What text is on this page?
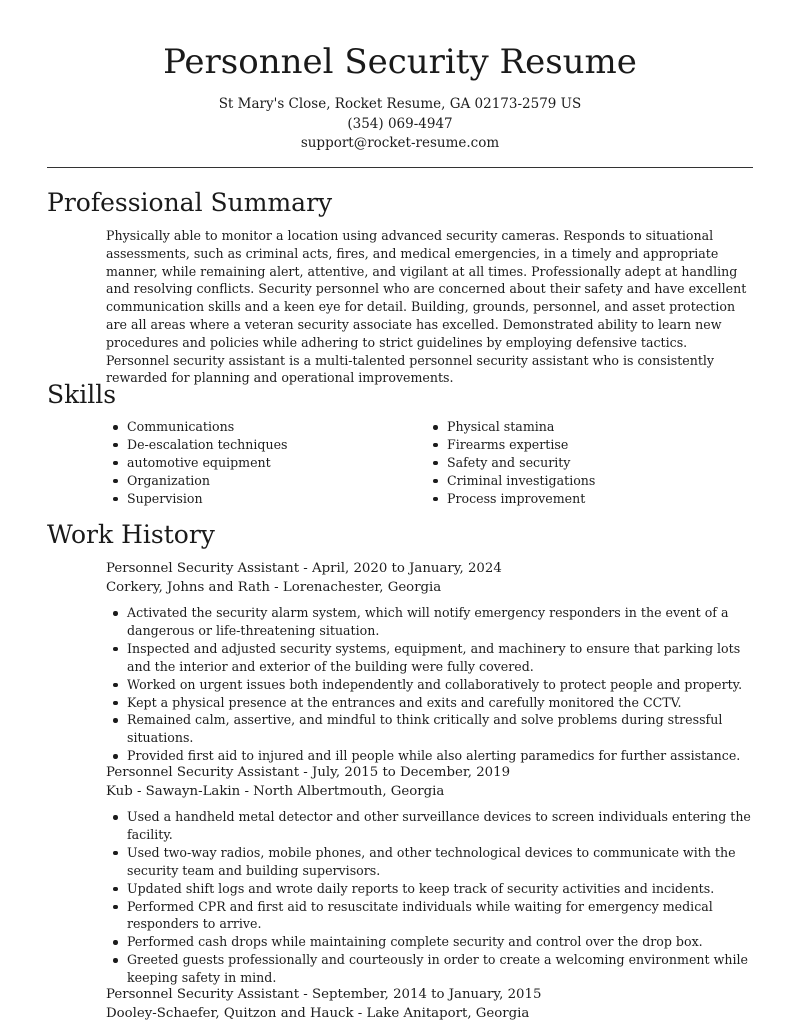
Personnel Security Resume
St Mary's Close, Rocket Resume, GA 02173-2579 US
(354) 069-4947
support@rocket-resume.com
Professional Summary

Physically able to monitor a location using advanced security cameras. Responds to situational assessments, such as criminal acts, fires, and medical emergencies, in a timely and appropriate manner, while remaining alert, attentive, and vigilant at all times. Professionally adept at handling and resolving conflicts. Security personnel who are concerned about their safety and have excellent communication skills and a keen eye for detail. Building, grounds, personnel, and asset protection are all areas where a veteran security associate has excelled. Demonstrated ability to learn new procedures and policies while adhering to strict guidelines by employing defensive tactics. Personnel security assistant is a multi-talented personnel security assistant who is consistently rewarded for planning and operational improvements.

Skills
Communications
De-escalation techniques
automotive equipment
Organization
Supervision
Physical stamina
Firearms expertise
Safety and security
Criminal investigations
Process improvement
Work History
Personnel Security Assistant - April, 2020 to January, 2024
Corkery, Johns and Rath - Lorenachester, Georgia
Activated the security alarm system, which will notify emergency responders in the event of a dangerous or life-threatening situation.
Inspected and adjusted security systems, equipment, and machinery to ensure that parking lots and the interior and exterior of the building were fully covered.
Worked on urgent issues both independently and collaboratively to protect people and property.
Kept a physical presence at the entrances and exits and carefully monitored the CCTV.
Remained calm, assertive, and mindful to think critically and solve problems during stressful situations.
Provided first aid to injured and ill people while also alerting paramedics for further assistance.
Personnel Security Assistant - July, 2015 to December, 2019
Kub - Sawayn-Lakin - North Albertmouth, Georgia
Used a handheld metal detector and other surveillance devices to screen individuals entering the facility.
Used two-way radios, mobile phones, and other technological devices to communicate with the security team and building supervisors.
Updated shift logs and wrote daily reports to keep track of security activities and incidents.
Performed CPR and first aid to resuscitate individuals while waiting for emergency medical responders to arrive.
Performed cash drops while maintaining complete security and control over the drop box.
Greeted guests professionally and courteously in order to create a welcoming environment while keeping safety in mind.
Personnel Security Assistant - September, 2014 to January, 2015
Dooley-Schaefer, Quitzon and Hauck - Lake Anitaport, Georgia
